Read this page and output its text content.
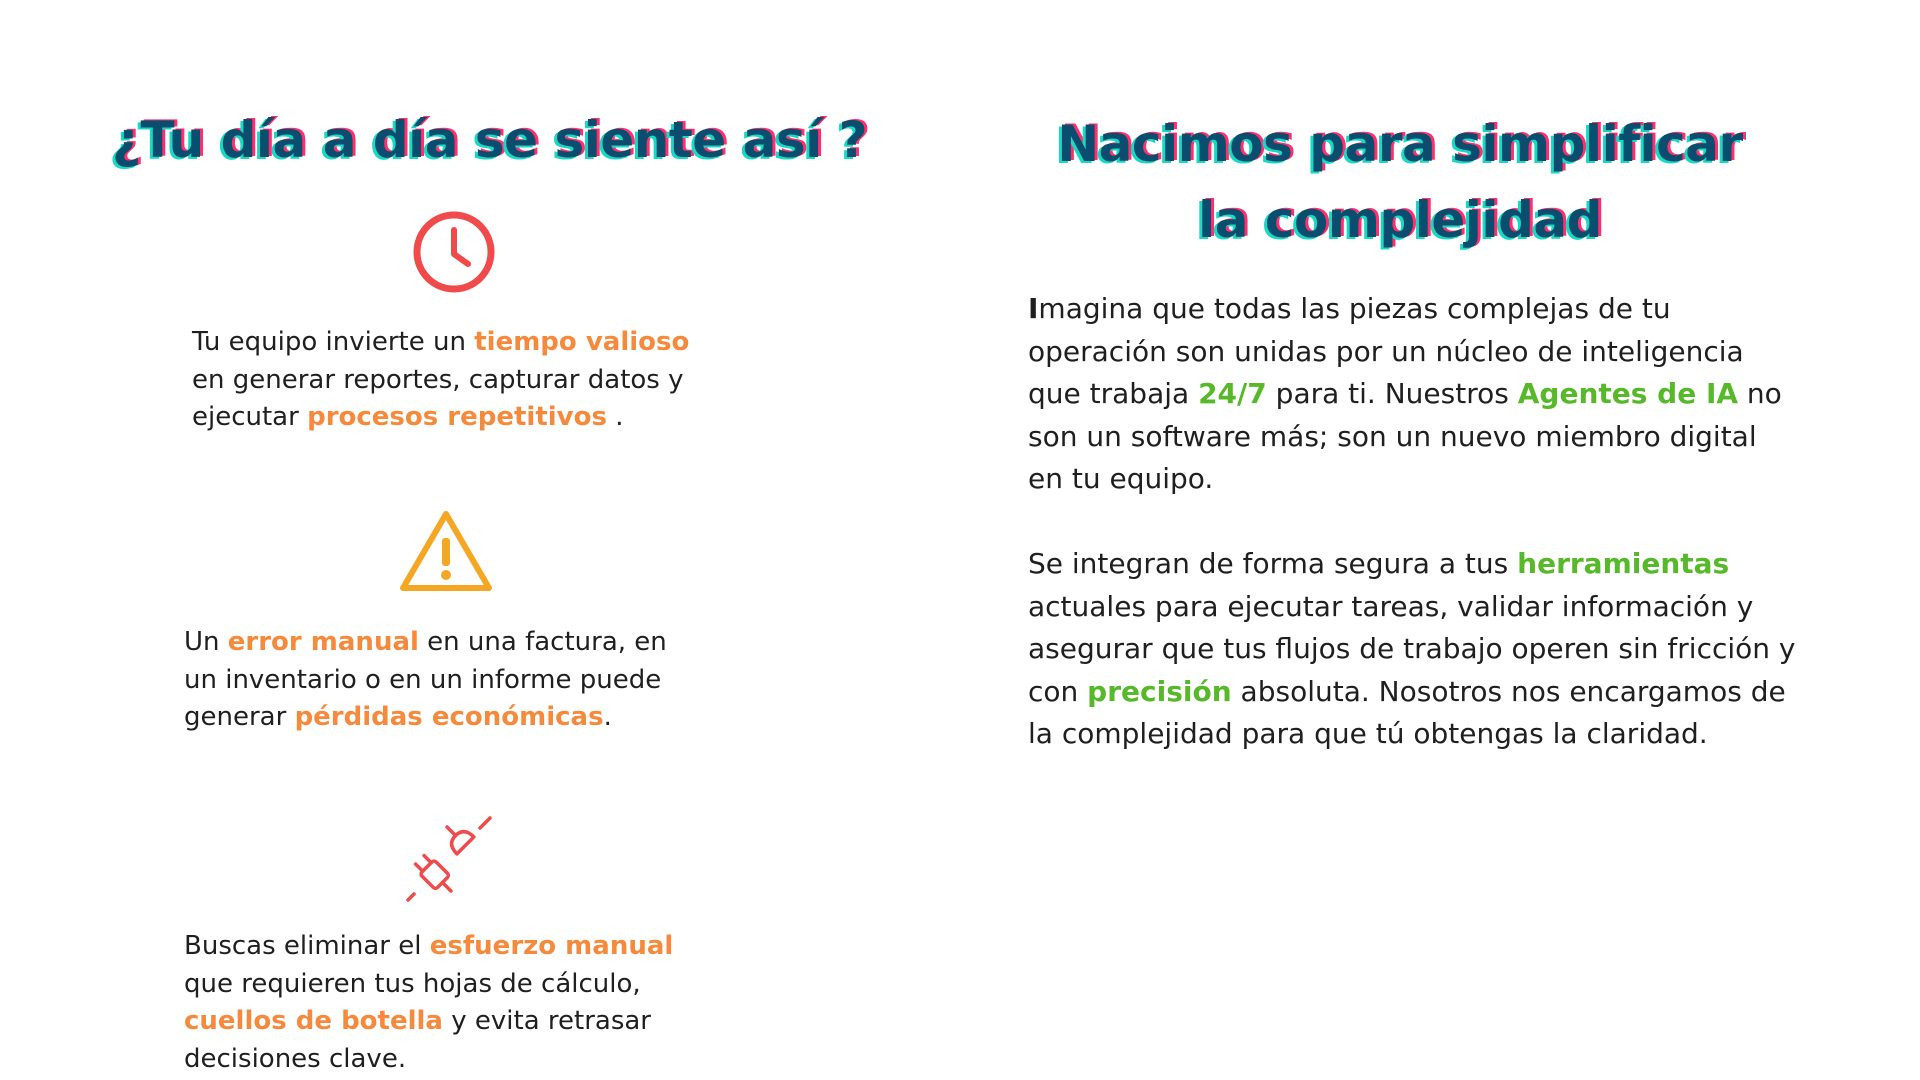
¿Tu día a día se siente así ?

Tu equipo invierte un tiempo valioso en generar reportes, capturar datos y ejecutar procesos repetitivos .

Un error manual en una factura, en un inventario o en un informe puede generar pérdidas económicas.

Buscas eliminar el esfuerzo manual que requieren tus hojas de cálculo, cuellos de botella y evita retrasar decisiones clave.

Nacimos para simplificar
la complejidad

Imagina que todas las piezas complejas de tu operación son unidas por un núcleo de inteligencia que trabaja 24/7 para ti. Nuestros Agentes de IA no son un software más; son un nuevo miembro digital en tu equipo.

Se integran de forma segura a tus herramientas actuales para ejecutar tareas, validar información y asegurar que tus flujos de trabajo operen sin fricción y con precisión absoluta. Nosotros nos encargamos de la complejidad para que tú obtengas la claridad.
